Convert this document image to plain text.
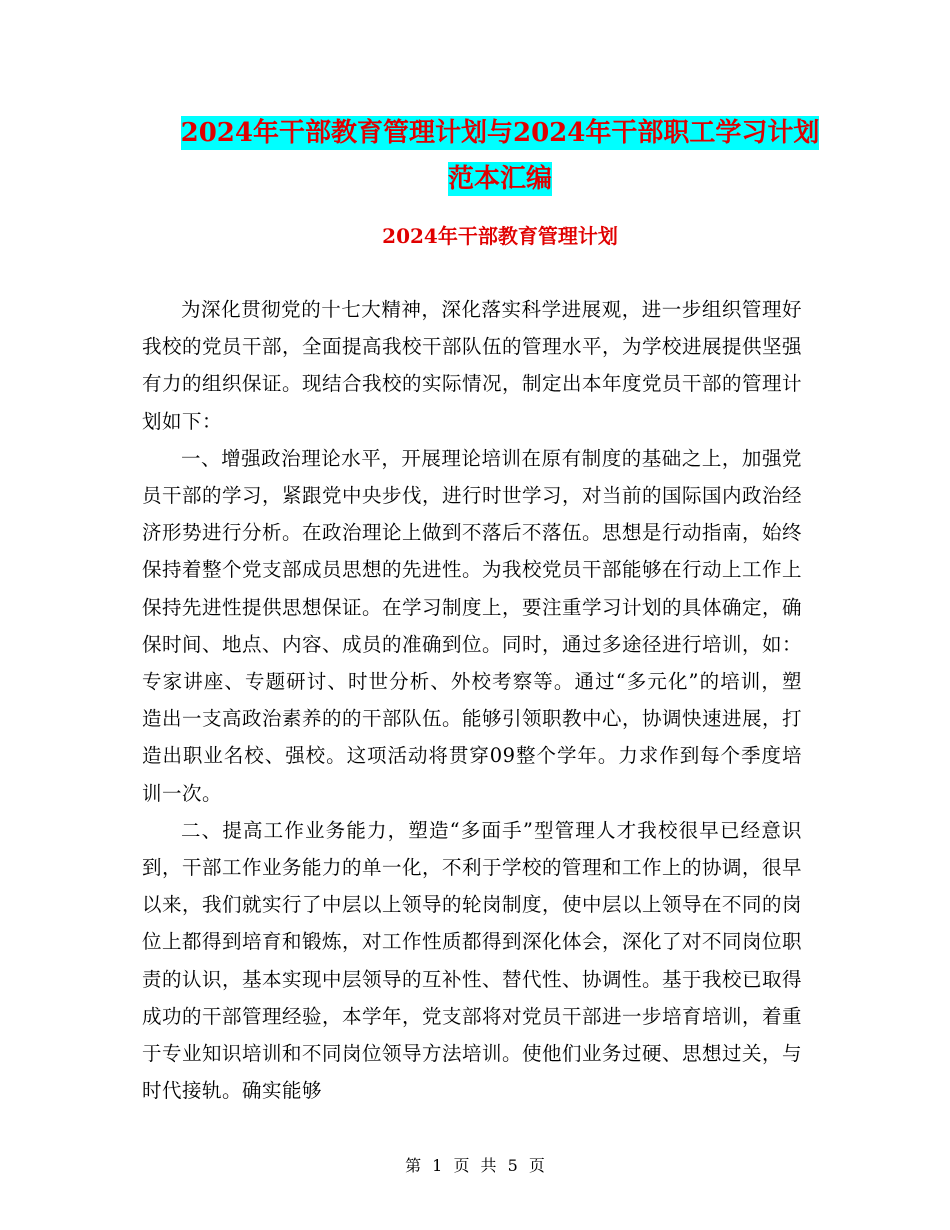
2024年干部教育管理计划与2024年干部职工学习计划
范本汇编
2024年干部教育管理计划

为深化贯彻党的十七大精神，深化落实科学进展观，进一步组织管理好我校的党员干部，全面提高我校干部队伍的管理水平，为学校进展提供坚强有力的组织保证。现结合我校的实际情况，制定出本年度党员干部的管理计划如下：

一、增强政治理论水平，开展理论培训在原有制度的基础之上，加强党员干部的学习，紧跟党中央步伐，进行时世学习，对当前的国际国内政治经济形势进行分析。在政治理论上做到不落后不落伍。思想是行动指南，始终保持着整个党支部成员思想的先进性。为我校党员干部能够在行动上工作上保持先进性提供思想保证。在学习制度上，要注重学习计划的具体确定，确保时间、地点、内容、成员的准确到位。同时，通过多途径进行培训，如：专家讲座、专题研讨、时世分析、外校考察等。通过“多元化”的培训，塑造出一支高政治素养的的干部队伍。能够引领职教中心，协调快速进展，打造出职业名校、强校。这项活动将贯穿09整个学年。力求作到每个季度培训一次。

二、提高工作业务能力，塑造“多面手”型管理人才我校很早已经意识到，干部工作业务能力的单一化，不利于学校的管理和工作上的协调，很早以来，我们就实行了中层以上领导的轮岗制度，使中层以上领导在不同的岗位上都得到培育和锻炼，对工作性质都得到深化体会，深化了对不同岗位职责的认识，基本实现中层领导的互补性、替代性、协调性。基于我校已取得成功的干部管理经验，本学年，党支部将对党员干部进一步培育培训，着重于专业知识培训和不同岗位领导方法培训。使他们业务过硬、思想过关，与时代接轨。确实能够

第 1 页 共 5 页
